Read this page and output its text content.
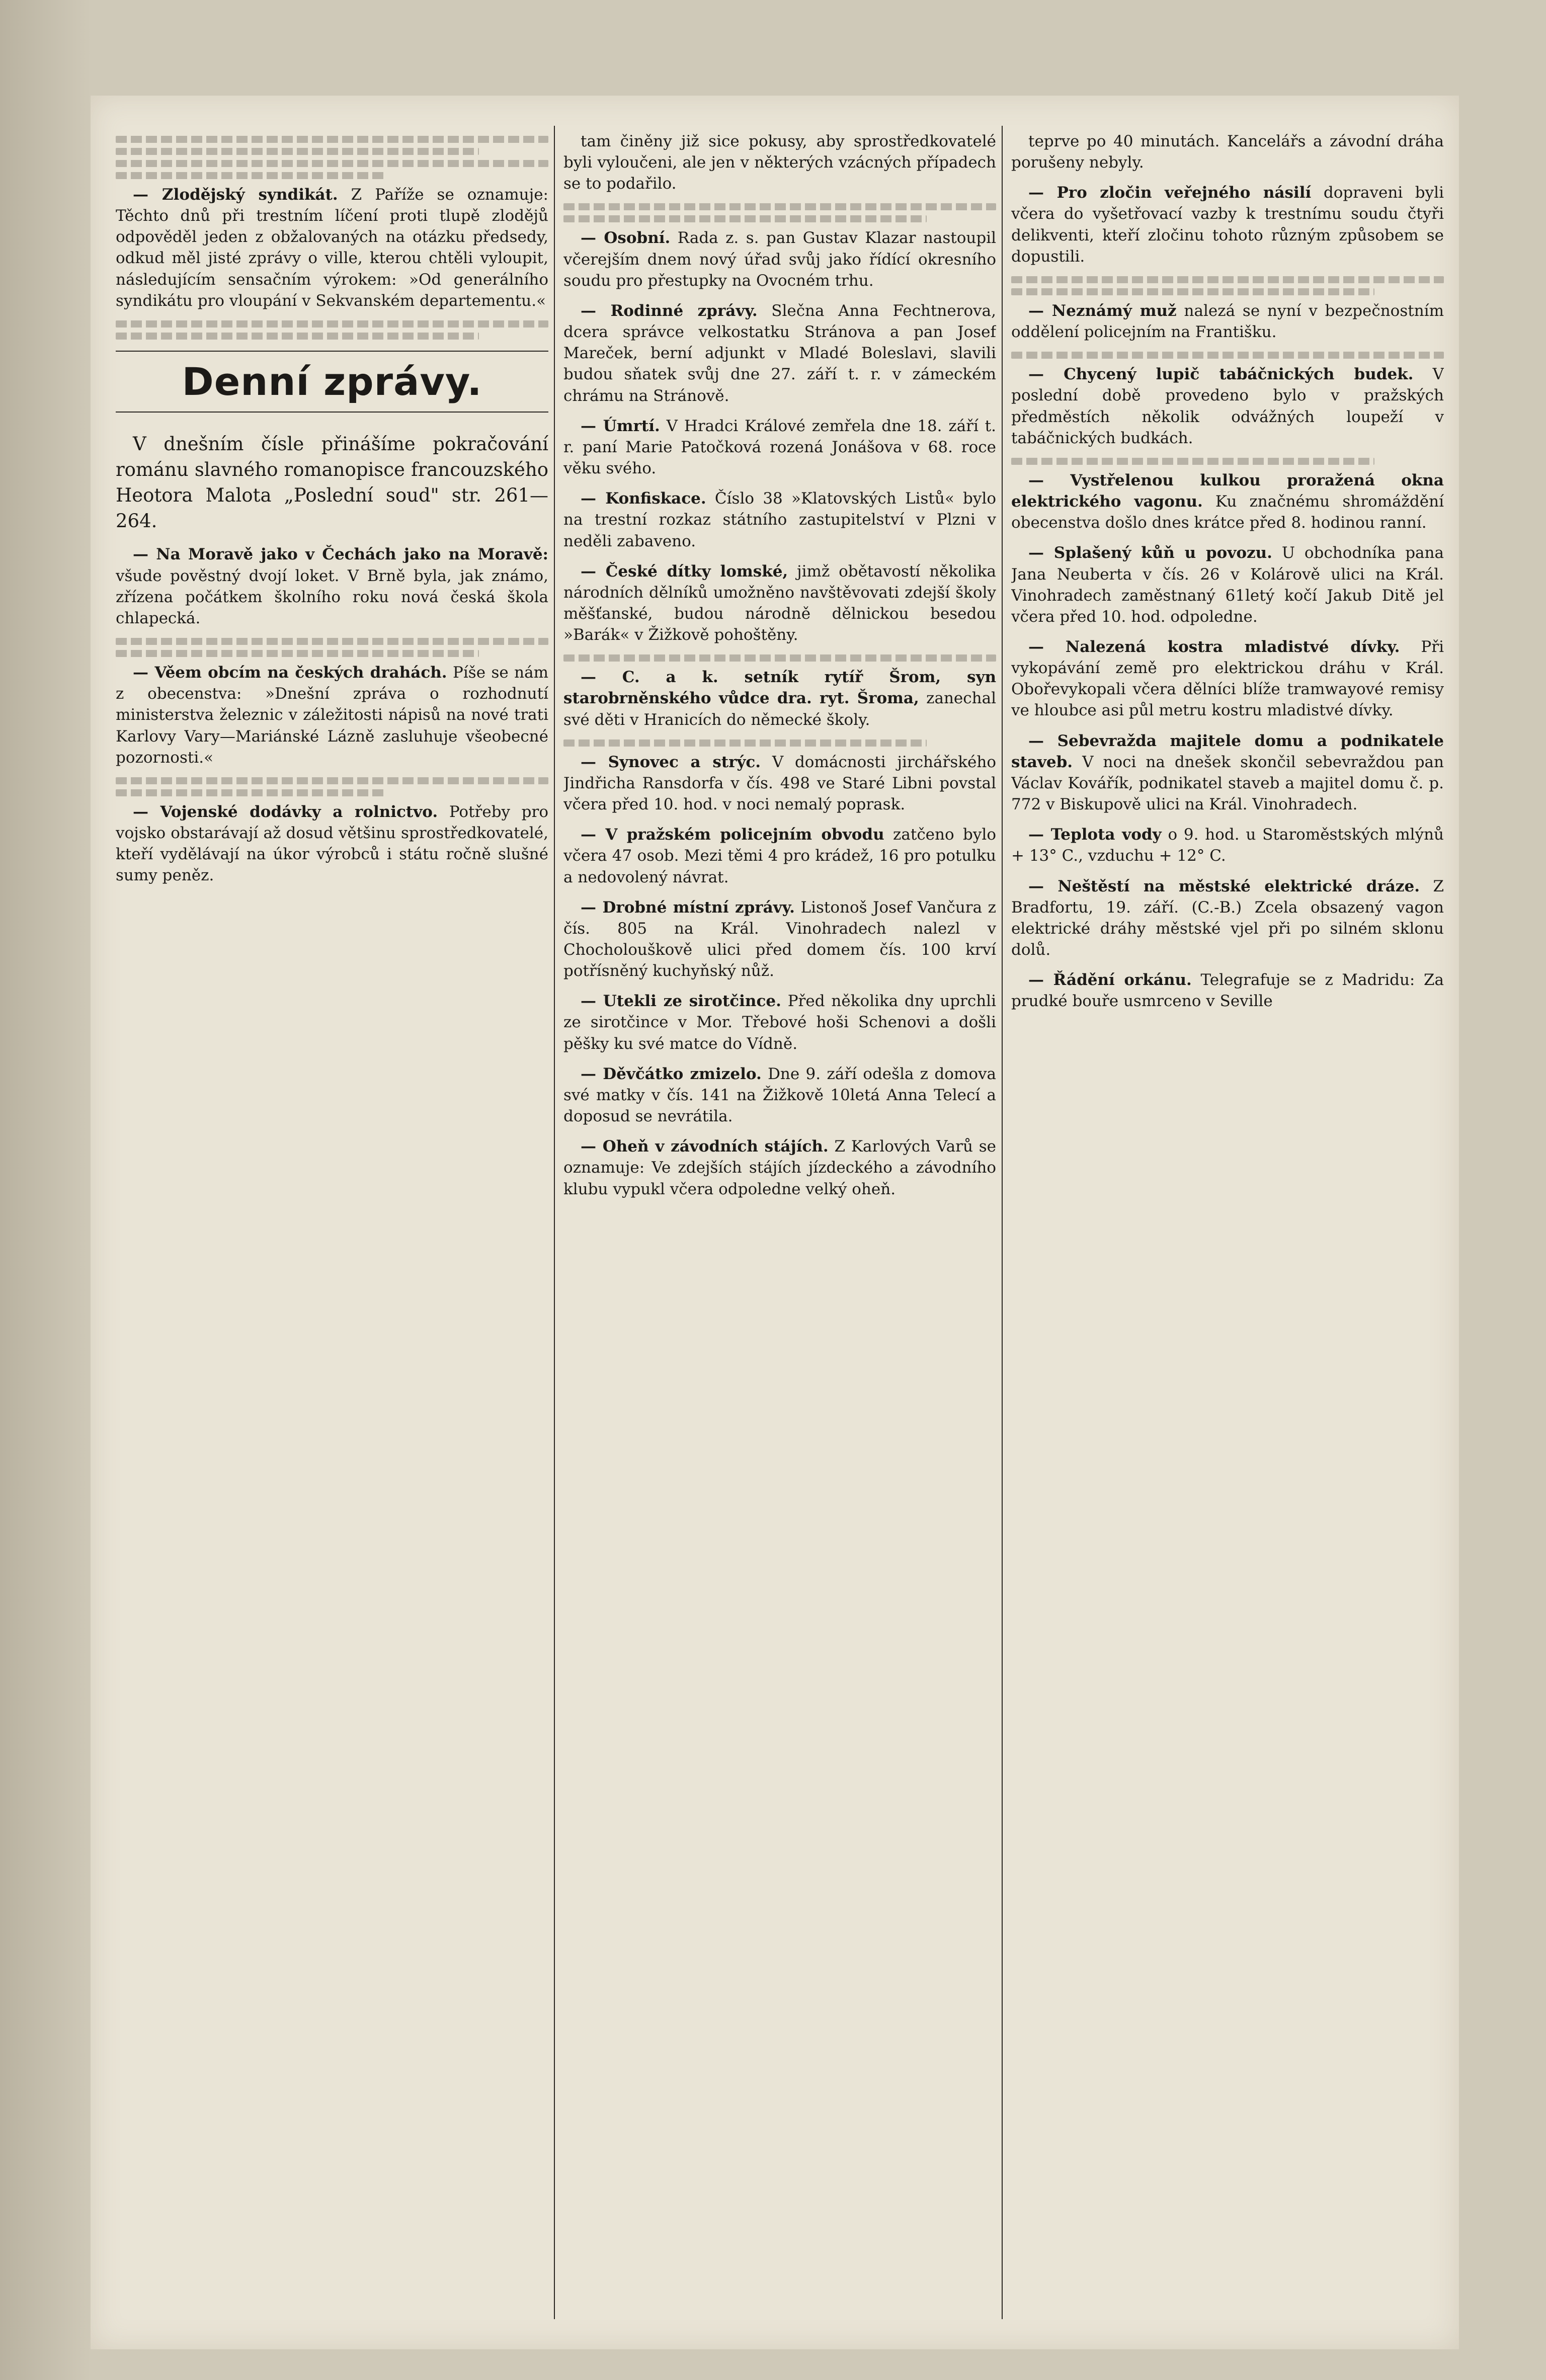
— Zlodějský syndikát. Z Paříže se oznamuje: Těchto dnů při trestním líčení proti tlupě zlodějů odpověděl jeden z obžalovaných na otázku předsedy, odkud měl jisté zprávy o ville, kterou chtěli vyloupit, následujícím sensačním výrokem: »Od generálního syndikátu pro vloupání v Sekvanském departementu.«

Denní zprávy.

V dnešním čísle přinášíme pokračování románu slavného romanopisce francouzského Heotora Malota „Poslední soud" str. 261—264.

— Na Moravě jako v Čechách jako na Moravě: všude pověstný dvojí loket. V Brně byla, jak známo, zřízena počátkem školního roku nová česká škola chlapecká.

— Věem obcím na českých drahách. Píše se nám z obecenstva: »Dnešní zpráva o rozhodnutí ministerstva železnic v záležitosti nápisů na nové trati Karlovy Vary—Mariánské Lázně zasluhuje všeobecné pozornosti.«

— Vojenské dodávky a rolnictvo. Potřeby pro vojsko obstarávají až dosud většinu sprostředkovatelé, kteří vydělávají na úkor výrobců i státu ročně slušné sumy peněz.

tam činěny již sice pokusy, aby sprostředkovatelé byli vyloučeni, ale jen v některých vzácných případech se to podařilo.

— Osobní. Rada z. s. pan Gustav Klazar nastoupil včerejším dnem nový úřad svůj jako řídící okresního soudu pro přestupky na Ovocném trhu.

— Rodinné zprávy. Slečna Anna Fechtnerova, dcera správce velkostatku Stránova a pan Josef Mareček, berní adjunkt v Mladé Boleslavi, slavili budou sňatek svůj dne 27. září t. r. v zámeckém chrámu na Stránově.

— Úmrtí. V Hradci Králové zemřela dne 18. září t. r. paní Marie Patočková rozená Jonášova v 68. roce věku svého.

— Konfiskace. Číslo 38 »Klatovských Listů« bylo na trestní rozkaz státního zastupitelství v Plzni v neděli zabaveno.

— České dítky lomské, jimž obětavostí několika národních dělníků umožněno navštěvovati zdejší školy měšťanské, budou národně dělnickou besedou »Barák« v Žižkově pohoštěny.

— C. a k. setník rytíř Šrom, syn starobrněnského vůdce dra. ryt. Šroma, zanechal své děti v Hranicích do německé školy.

— Synovec a strýc. V domácnosti jirchářského Jindřicha Ransdorfa v čís. 498 ve Staré Libni povstal včera před 10. hod. v noci nemalý poprask.

— V pražském policejním obvodu zatčeno bylo včera 47 osob. Mezi těmi 4 pro krádež, 16 pro potulku a nedovolený návrat.

— Drobné místní zprávy. Listonoš Josef Vančura z čís. 805 na Král. Vinohradech nalezl v Chocholouškově ulici před domem čís. 100 krví potřísněný kuchyňský nůž.

— Utekli ze sirotčince. Před několika dny uprchli ze sirotčince v Mor. Třebové hoši Schenovi a došli pěšky ku své matce do Vídně.

— Děvčátko zmizelo. Dne 9. září odešla z domova své matky v čís. 141 na Žižkově 10letá Anna Telecí a doposud se nevrátila.

— Oheň v závodních stájích. Z Karlových Varů se oznamuje: Ve zdejších stájích jízdeckého a závodního klubu vypukl včera odpoledne velký oheň.

teprve po 40 minutách. Kancelářs a závodní dráha porušeny nebyly.

— Pro zločin veřejného násilí dopraveni byli včera do vyšetřovací vazby k trestnímu soudu čtyři delikventi, kteří zločinu tohoto různým způsobem se dopustili.

— Neznámý muž nalezá se nyní v bezpečnostním oddělení policejním na Františku.

— Chycený lupič tabáčnických budek. V poslední době provedeno bylo v pražských předměstích několik odvážných loupeží v tabáčnických budkách.

— Vystřelenou kulkou proražená okna elektrického vagonu. Ku značnému shromáždění obecenstva došlo dnes krátce před 8. hodinou ranní.

— Splašený kůň u povozu. U obchodníka pana Jana Neuberta v čís. 26 v Kolárově ulici na Král. Vinohradech zaměstnaný 61letý kočí Jakub Ditě jel včera před 10. hod. odpoledne.

— Nalezená kostra mladistvé dívky. Při vykopávání země pro elektrickou dráhu v Král. Obořevykopali včera dělníci blíže tramwayové remisy ve hloubce asi půl metru kostru mladistvé dívky.

— Sebevražda majitele domu a podnikatele staveb. V noci na dnešek skončil sebevraždou pan Václav Kovářík, podnikatel staveb a majitel domu č. p. 772 v Biskupově ulici na Král. Vinohradech.

— Teplota vody o 9. hod. u Staroměstských mlýnů + 13° C., vzduchu + 12° C.

— Neštěstí na městské elektrické dráze. Z Bradfortu, 19. září. (C.-B.) Zcela obsazený vagon elektrické dráhy městské vjel při po silném sklonu dolů.

— Řádění orkánu. Telegrafuje se z Madridu: Za prudké bouře usmrceno v Seville
